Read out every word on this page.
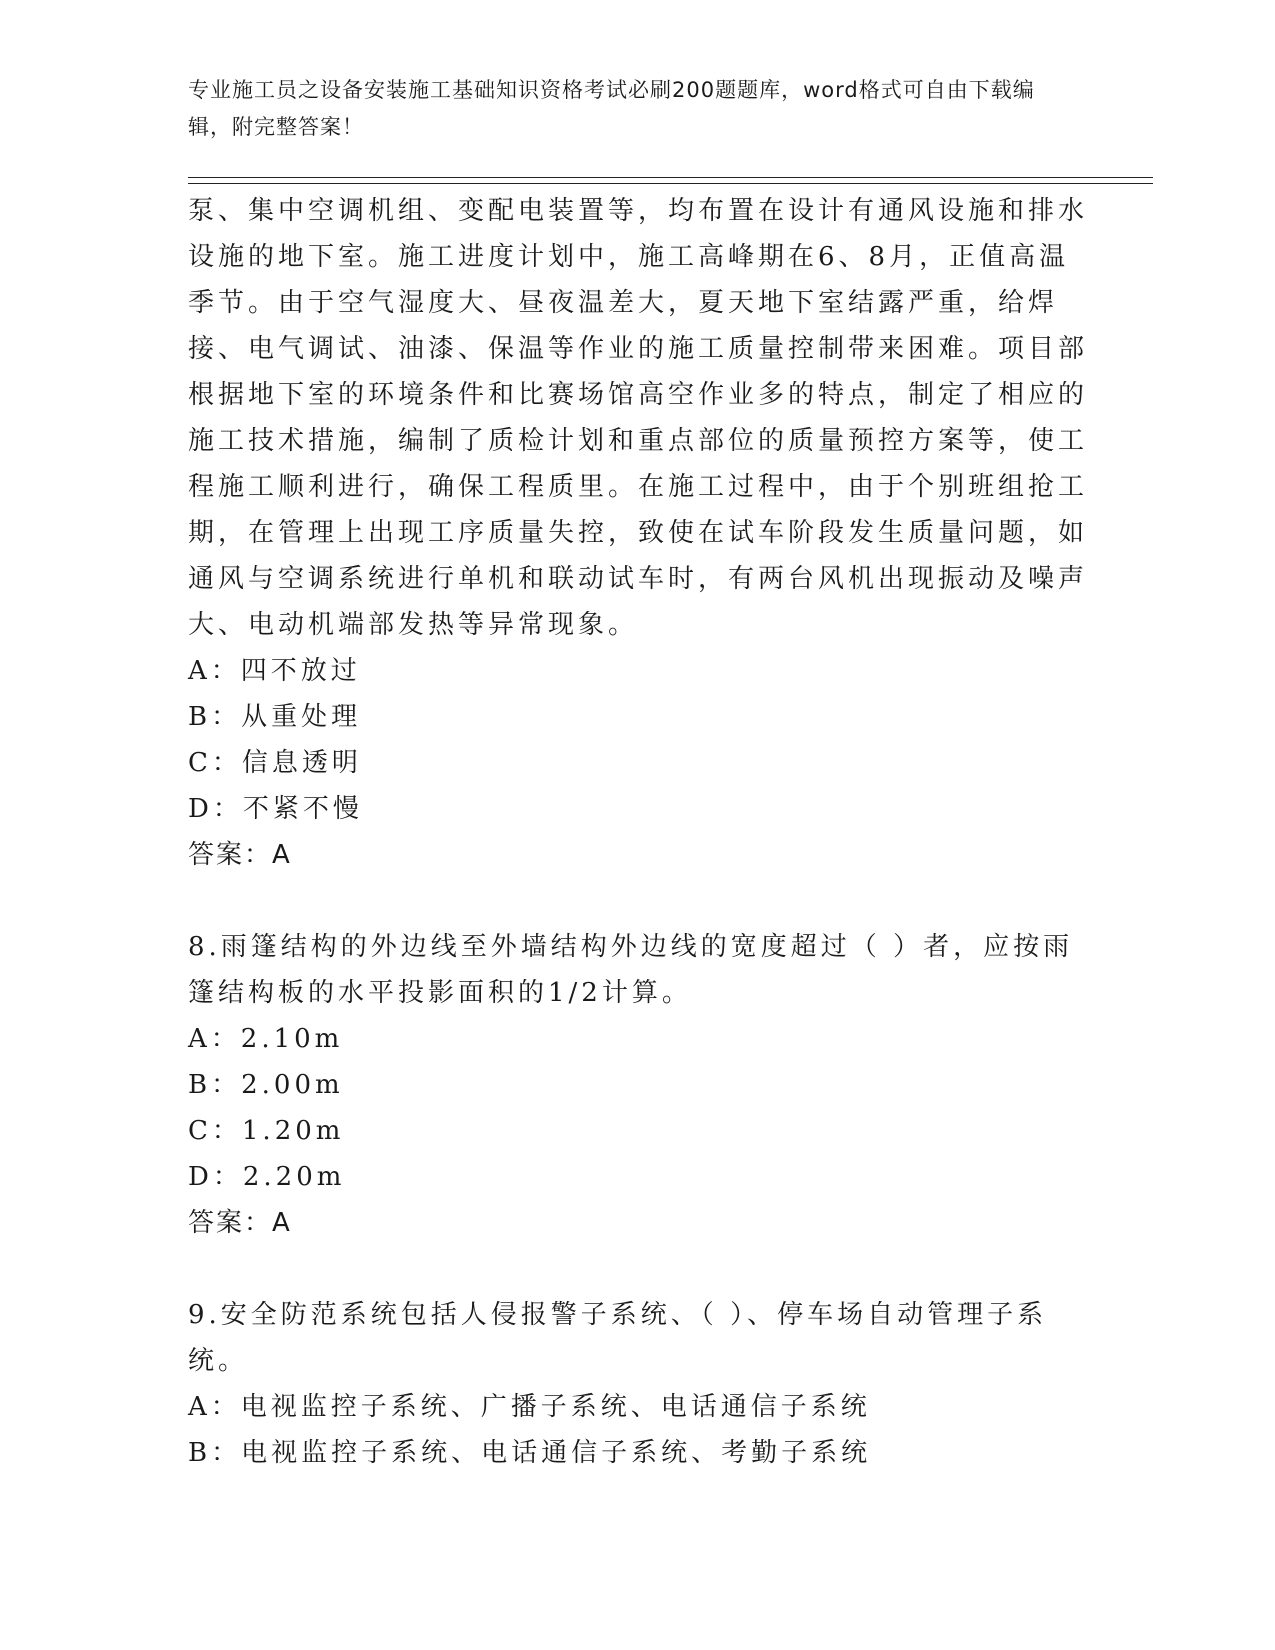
专业施工员之设备安装施工基础知识资格考试必刷200题题库，word格式可自由下载编辑，附完整答案！

泵、集中空调机组、变配电装置等，均布置在设计有通风设施和排水设施的地下室。施工进度计划中，施工高峰期在6、8月，正值高温季节。由于空气湿度大、昼夜温差大，夏天地下室结露严重，给焊接、电气调试、油漆、保温等作业的施工质量控制带来困难。项目部根据地下室的环境条件和比赛场馆高空作业多的特点，制定了相应的施工技术措施，编制了质检计划和重点部位的质量预控方案等，使工程施工顺利进行，确保工程质里。在施工过程中，由于个别班组抢工期，在管理上出现工序质量失控，致使在试车阶段发生质量问题，如通风与空调系统进行单机和联动试车时，有两台风机出现振动及噪声大、电动机端部发热等异常现象。

A：四不放过

B：从重处理

C：信息透明

D：不紧不慢

答案：A

8.雨篷结构的外边线至外墙结构外边线的宽度超过（ ）者，应按雨篷结构板的水平投影面积的1/2计算。

A：2.10m

B：2.00m

C：1.20m

D：2.20m

答案：A

9.安全防范系统包括人侵报警子系统、（ ）、停车场自动管理子系统。

A：电视监控子系统、广播子系统、电话通信子系统

B：电视监控子系统、电话通信子系统、考勤子系统
